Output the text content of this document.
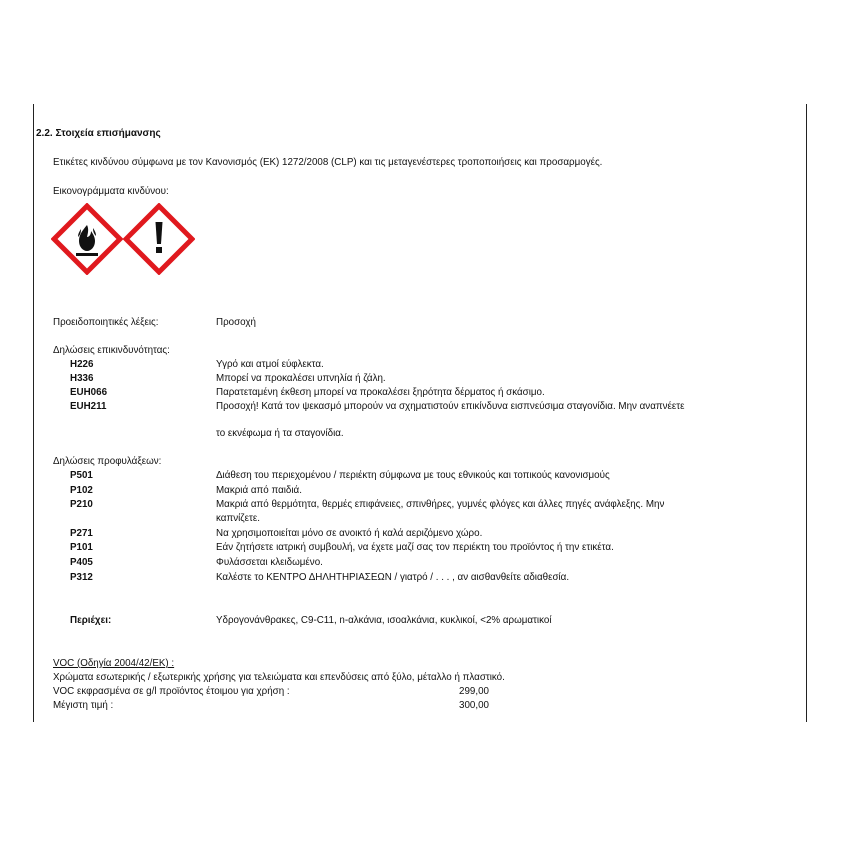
2.2. Στοιχεία επισήμανσης
Ετικέτες κινδύνου σύμφωνα με τον Κανονισμός (ΕΚ) 1272/2008 (CLP) και τις μεταγενέστερες τροποποιήσεις και προσαρμογές.
Εικονογράμματα κινδύνου:
Προειδοποιητικές λέξεις:	Προσοχή
Δηλώσεις επικινδυνότητας:
H226	Υγρό και ατμοί εύφλεκτα.
H336	Μπορεί να προκαλέσει υπνηλία ή ζάλη.
EUH066	Παρατεταμένη έκθεση μπορεί να προκαλέσει ξηρότητα δέρματος ή σκάσιμο.
EUH211	Προσοχή! Κατά τον ψεκασμό μπορούν να σχηματιστούν επικίνδυνα εισπνεύσιμα σταγονίδια. Μην αναπνέετε
το εκνέφωμα ή τα σταγονίδια.
Δηλώσεις προφυλάξεων:
P501	Διάθεση του περιεχομένου / περιέκτη σύμφωνα με τους εθνικούς και τοπικούς κανονισμούς
P102	Μακριά από παιδιά.
P210	Μακριά από θερμότητα, θερμές επιφάνειες, σπινθήρες, γυμνές φλόγες και άλλες πηγές ανάφλεξης. Μην
καπνίζετε.
P271	Να χρησιμοποιείται μόνο σε ανοικτό ή καλά αεριζόμενο χώρο.
P101	Εάν ζητήσετε ιατρική συμβουλή, να έχετε μαζί σας τον περιέκτη του προϊόντος ή την ετικέτα.
P405	Φυλάσσεται κλειδωμένο.
P312	Καλέστε το ΚΕΝΤΡΟ ΔΗΛΗΤΗΡΙΑΣΕΩΝ / γιατρό / . . . , αν αισθανθείτε αδιαθεσία.
Περιέχει:	Υδρογονάνθρακες, C9-C11, n-αλκάνια, ισοαλκάνια, κυκλικοί, <2% αρωματικοί
VOC (Οδηγία 2004/42/ΕΚ) :
Χρώματα εσωτερικής / εξωτερικής χρήσης για τελειώματα και επενδύσεις από ξύλο, μέταλλο ή πλαστικό.
VOC εκφρασμένα σε g/l προϊόντος έτοιμου για χρήση :	299,00
Μέγιστη τιμή :	300,00
